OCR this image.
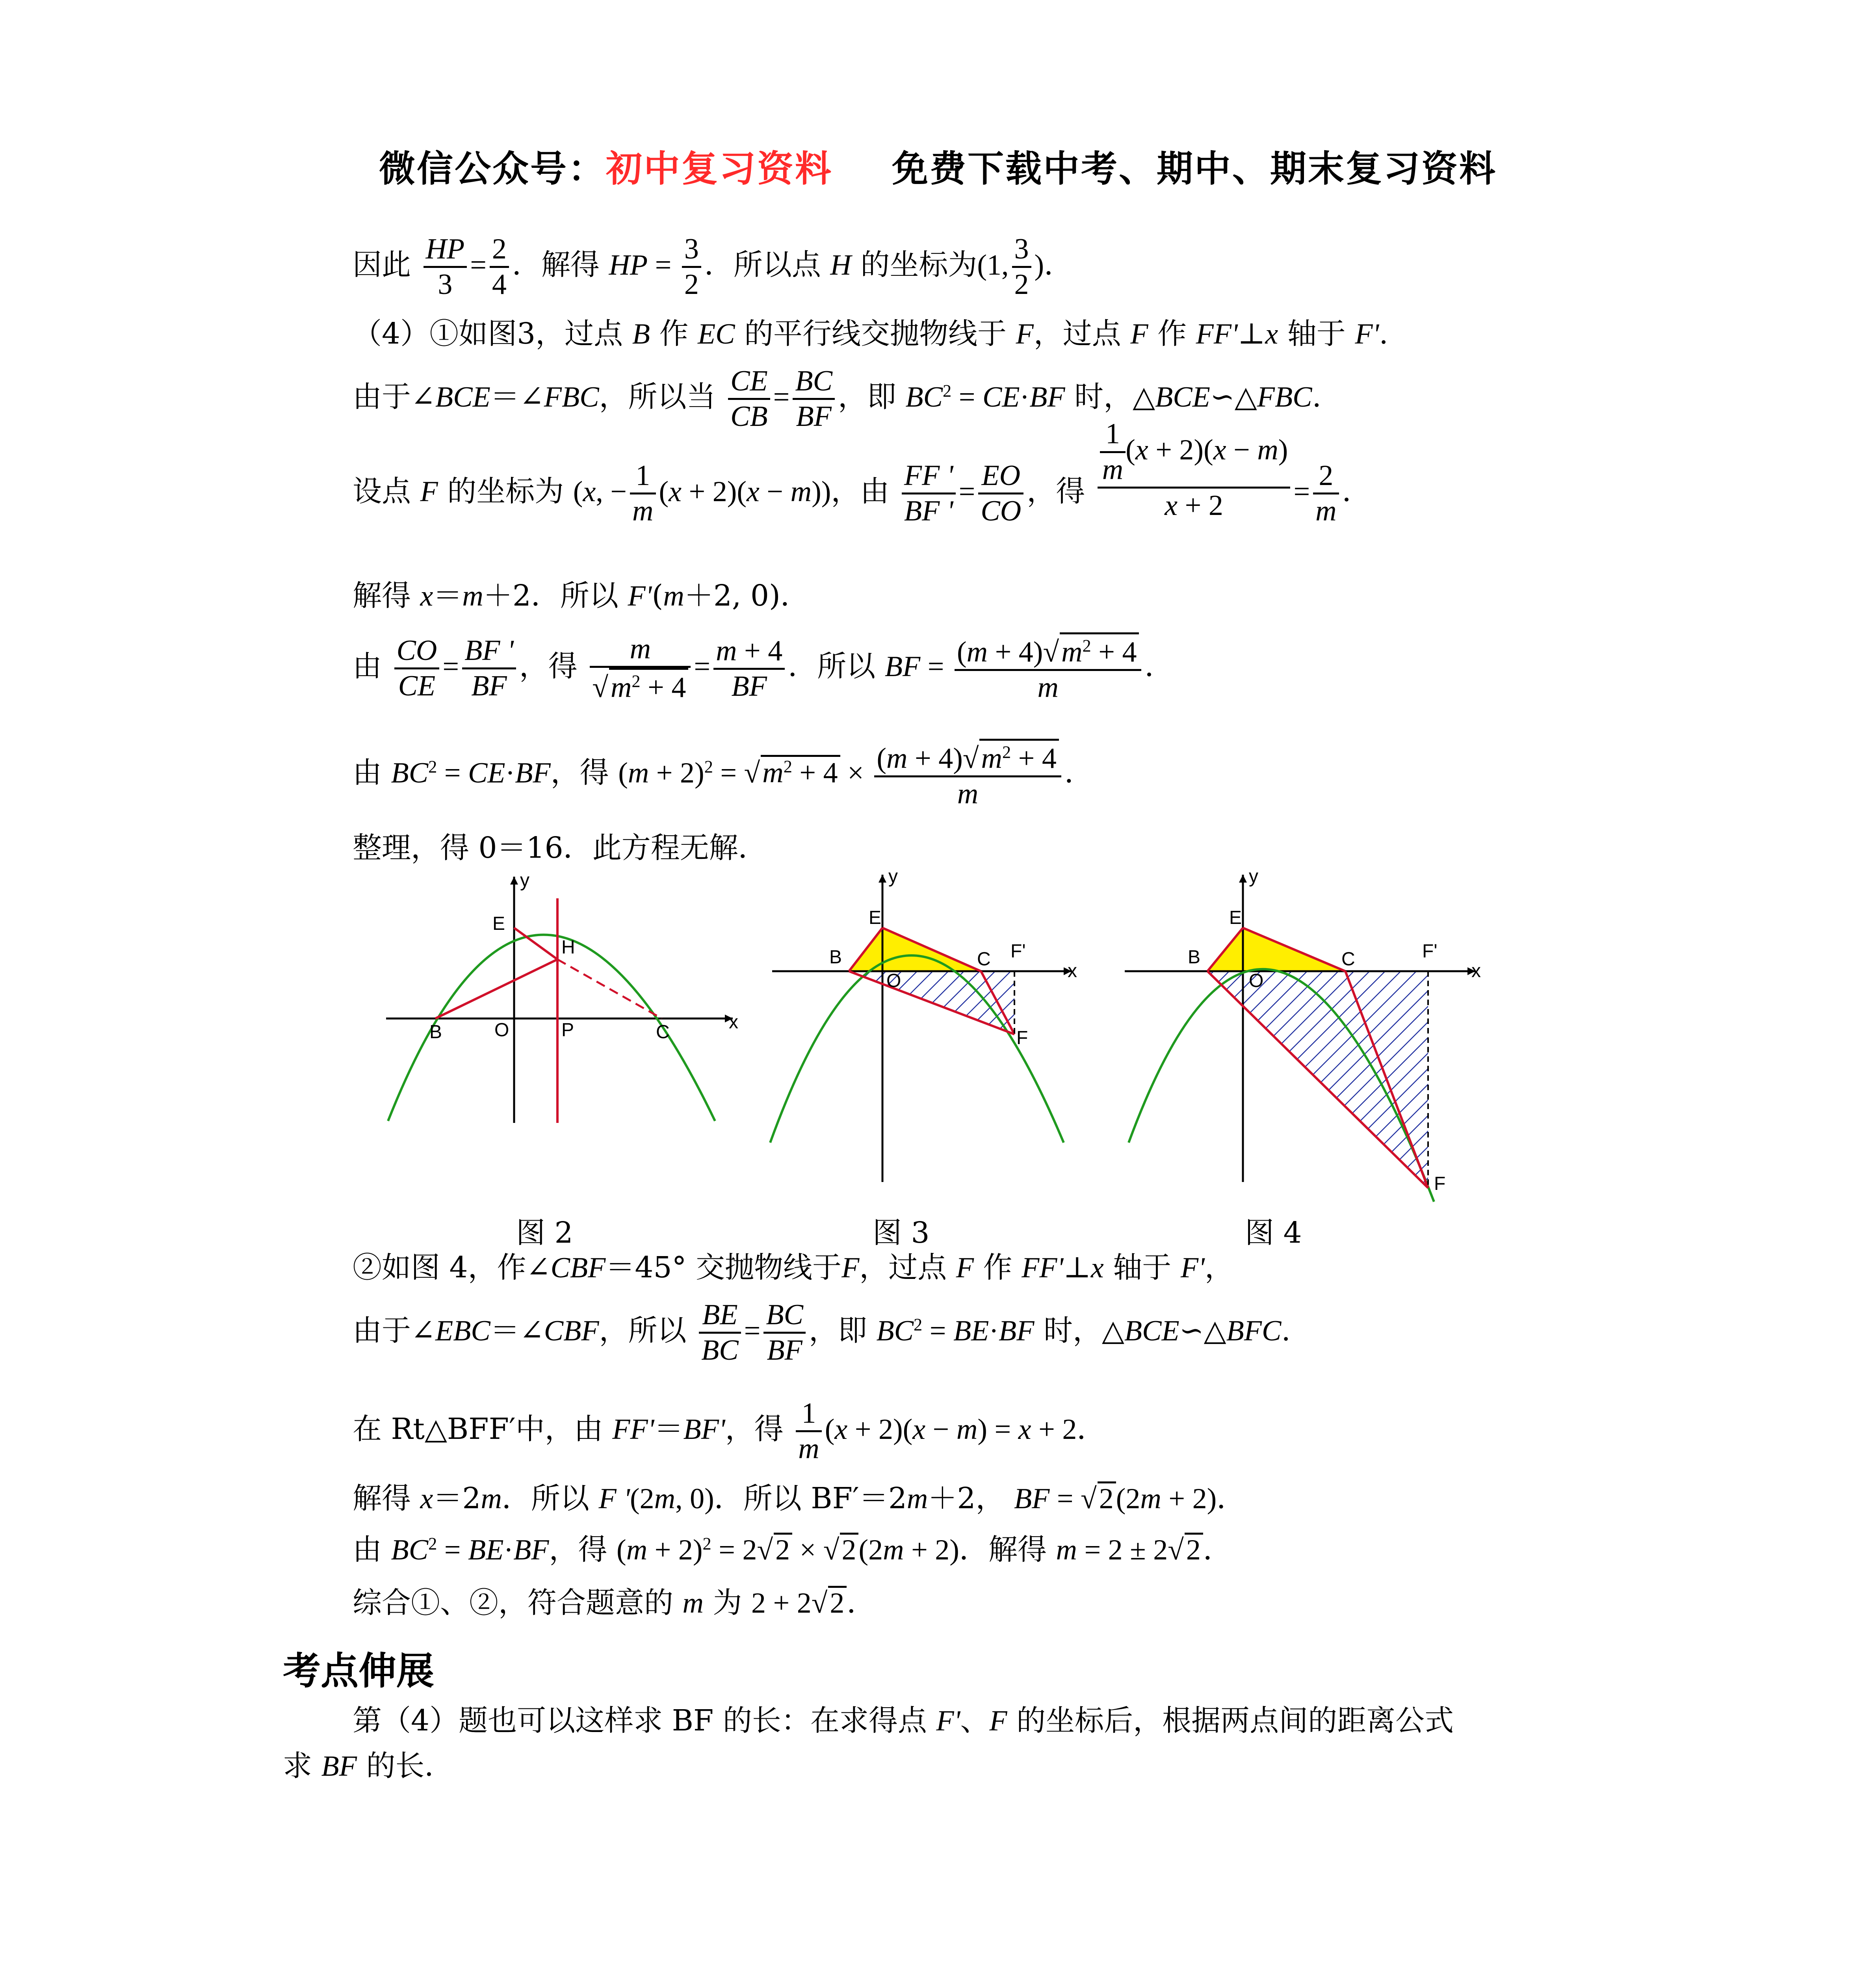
微信公众号：初中复习资料 免费下载中考、期中、期末复习资料
因此 $\frac{HP}{3} = \frac{2}{4}$ ．解得 HP = $\frac{3}{2}$ ．所以点 H 的坐标为(1, $\frac{3}{2}$ )．
（4）①如图3，过点 B 作 EC 的平行线交抛物线于 F，过点 F 作 FF'⊥x 轴于 F'.
由于∠BCE＝∠FBC，所以当 $\frac{CE}{CB} = \frac{BC}{BF}$ ，即 $BC^2 = CE\cdot BF$ 时，△BCE∽△FBC.
设点 F 的坐标为 (x, − $\frac{1}{m} (x + 2)(x - m)$)，由 $\frac{FF '}{BF '} = \frac{EO}{CO}$ ，得 $\frac{\frac{1}{m} (x + 2)(x - m)}{x + 2} = \frac{2}{m}$ ．
解得 x＝m＋2．所以 F'(m＋2, 0)．
由 $\frac{CO}{CE} = \frac{BF '}{BF}$ ，得 $\frac{m}{√m^2 + 4} = \frac{m + 4}{BF}$ ．所以 BF = $\frac{(m + 4)√m^2 + 4}{m}$ ．
由 $BC^2 = CE\cdot BF$，得 $(m + 2)^2 = √m^2 + 4 \times \frac{(m + 4)√m^2 + 4}{m}$ ．
整理，得 0＝16．此方程无解．
y
E
H
B	O	P	C	x
y
E
B
O
C F'
F
x
y
E
B
O
C	F'
F
x
图 2	图 3	图 4
②如图 4，作∠CBF＝45° 交抛物线于F，过点 F 作 FF'⊥x 轴于 F'，
由于∠EBC＝∠CBF，所以 $\frac{BE}{BC} = \frac{BC}{BF}$ ，即 $BC^2 = BE\cdot BF$ 时，△BCE∽△BFC.
在 Rt△BFF′中，由 FF'＝BF'，得 $\frac{1}{m} (x + 2)(x - m) = x + 2$．
解得 x＝2m．所以 F '(2m, 0)．所以 BF′＝2m＋2， BF = √2(2m + 2)．
由 $BC^2 = BE\cdot BF$，得 $(m + 2)^2 = 2√2 \times √2(2m + 2)$．解得 m = 2 ± 2√2．
综合①、②，符合题意的 m 为 2 + 2√2．
考点伸展
第（4）题也可以这样求 BF 的长：在求得点 F'、F 的坐标后，根据两点间的距离公式
求 BF 的长．
